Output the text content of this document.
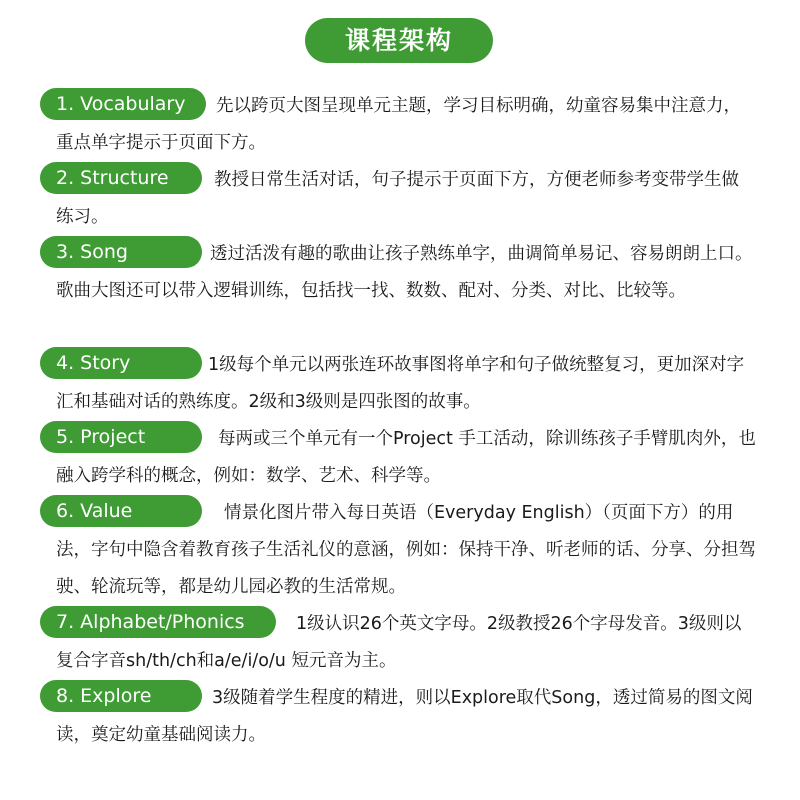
课程架构

先以跨页大图呈现单元主题，学习目标明确，幼童容易集中注意力，重点单字提示于页面下方。

1. Vocabulary

教授日常生活对话，句子提示于页面下方，方便老师参考变带学生做练习。

2. Structure

透过活泼有趣的歌曲让孩子熟练单字，曲调简单易记、容易朗朗上口。歌曲大图还可以带入逻辑训练，包括找一找、数数、配对、分类、对比、比较等。

3. Song

1级每个单元以两张连环故事图将单字和句子做统整复习，更加深对字汇和基础对话的熟练度。2级和3级则是四张图的故事。

4. Story

每两或三个单元有一个Project 手工活动，除训练孩子手臂肌肉外，也融入跨学科的概念，例如：数学、艺术、科学等。

5. Project

情景化图片带入每日英语（Everyday English）（页面下方）的用法，字句中隐含着教育孩子生活礼仪的意涵，例如：保持干净、听老师的话、分享、分担驾驶、轮流玩等，都是幼儿园必教的生活常规。

6. Value

1级认识26个英文字母。2级教授26个字母发音。3级则以复合字音sh/th/ch和a/e/i/o/u 短元音为主。

7. Alphabet/Phonics

3级随着学生程度的精进，则以Explore取代Song，透过简易的图文阅读，奠定幼童基础阅读力。

8. Explore
